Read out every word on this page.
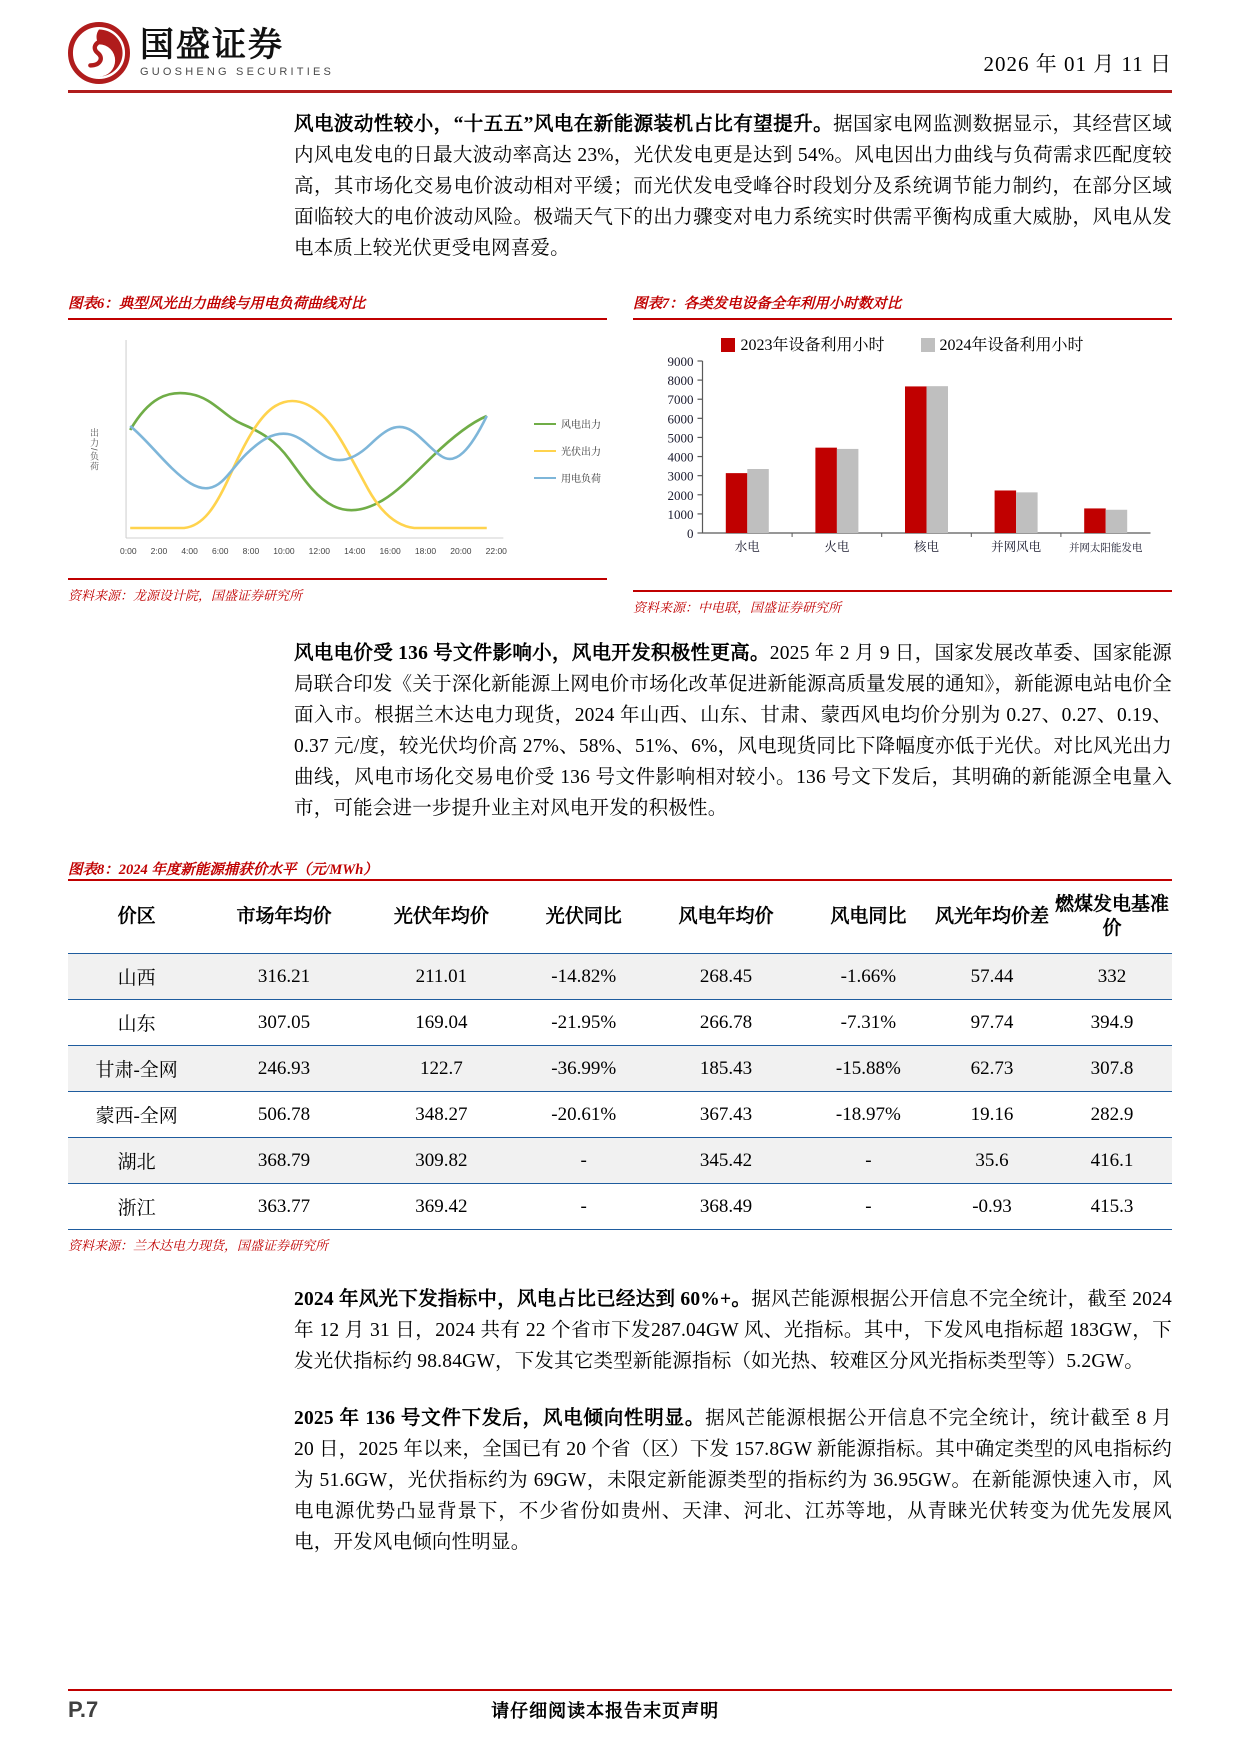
国盛证券
GUOSHENG SECURITIES	2026 年 01 月 11 日

风电波动性较小，“十五五”风电在新能源装机占比有望提升。据国家电网监测数据显示，其经营区域内风电发电的日最大波动率高达 23%，光伏发电更是达到 54%。风电因出力曲线与负荷需求匹配度较高，其市场化交易电价波动相对平缓；而光伏发电受峰谷时段划分及系统调节能力制约，在部分区域面临较大的电价波动风险。极端天气下的出力骤变对电力系统实时供需平衡构成重大威胁，风电从发电本质上较光伏更受电网喜爱。

图表6：典型风光出力曲线与用电负荷曲线对比
出力/负荷
风电出力
光伏出力
用电负荷
0:00 2:00 4:00 6:00 8:00 10:00 12:00 14:00 16:00 18:00 20:00 22:00
资料来源：龙源设计院，国盛证券研究所
图表7：各类发电设备全年利用小时数对比
2023年设备利用小时	2024年设备利用小时
0
1000
2000
3000
4000
5000
6000
7000
8000
9000
水电	火电	核电	并网风电	并网太阳能发电
资料来源：中电联，国盛证券研究所

风电电价受 136 号文件影响小，风电开发积极性更高。2025 年 2 月 9 日，国家发展改革委、国家能源局联合印发《关于深化新能源上网电价市场化改革促进新能源高质量发展的通知》，新能源电站电价全面入市。根据兰木达电力现货，2024 年山西、山东、甘肃、蒙西风电均价分别为 0.27、0.27、0.19、0.37 元/度，较光伏均价高 27%、58%、51%、6%，风电现货同比下降幅度亦低于光伏。对比风光出力曲线，风电市场化交易电价受 136 号文件影响相对较小。136 号文下发后，其明确的新能源全电量入市，可能会进一步提升业主对风电开发的积极性。

图表8：2024 年度新能源捕获价水平（元/MWh）
价区	市场年均价	光伏年均价	光伏同比	风电年均价	风电同比	风光年均价差	燃煤发电基准价
山西	316.21	211.01	-14.82%	268.45	-1.66%	57.44	332
山东	307.05	169.04	-21.95%	266.78	-7.31%	97.74	394.9
甘肃-全网	246.93	122.7	-36.99%	185.43	-15.88%	62.73	307.8
蒙西-全网	506.78	348.27	-20.61%	367.43	-18.97%	19.16	282.9
湖北	368.79	309.82	-	345.42	-	35.6	416.1
浙江	363.77	369.42	-	368.49	-	-0.93	415.3
资料来源：兰木达电力现货，国盛证券研究所

2024 年风光下发指标中，风电占比已经达到 60%+。据风芒能源根据公开信息不完全统计，截至 2024 年 12 月 31 日，2024 共有 22 个省市下发287.04GW 风、光指标。其中，下发风电指标超 183GW，下发光伏指标约 98.84GW，下发其它类型新能源指标（如光热、较难区分风光指标类型等）5.2GW。

2025 年 136 号文件下发后，风电倾向性明显。据风芒能源根据公开信息不完全统计，统计截至 8 月 20 日，2025 年以来，全国已有 20 个省（区）下发 157.8GW 新能源指标。其中确定类型的风电指标约为 51.6GW，光伏指标约为 69GW，未限定新能源类型的指标约为 36.95GW。在新能源快速入市，风电电源优势凸显背景下，不少省份如贵州、天津、河北、江苏等地，从青睐光伏转变为优先发展风电，开发风电倾向性明显。

P.7	请仔细阅读本报告末页声明
